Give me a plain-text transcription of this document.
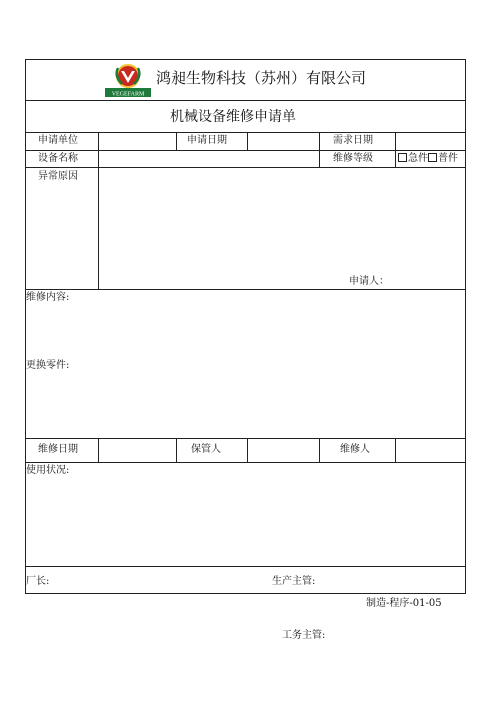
VEGEFARM
鸿昶生物科技（苏州）有限公司
机械设备维修申请单
申请单位	申请日期	需求日期
设备名称	维修等级	急件 普件
异常原因
申请人：
维修内容:
更换零件:
维修日期	保管人	维修人
使用状况:
厂长:	生产主管:
制造-程序-01-05
工务主管:
